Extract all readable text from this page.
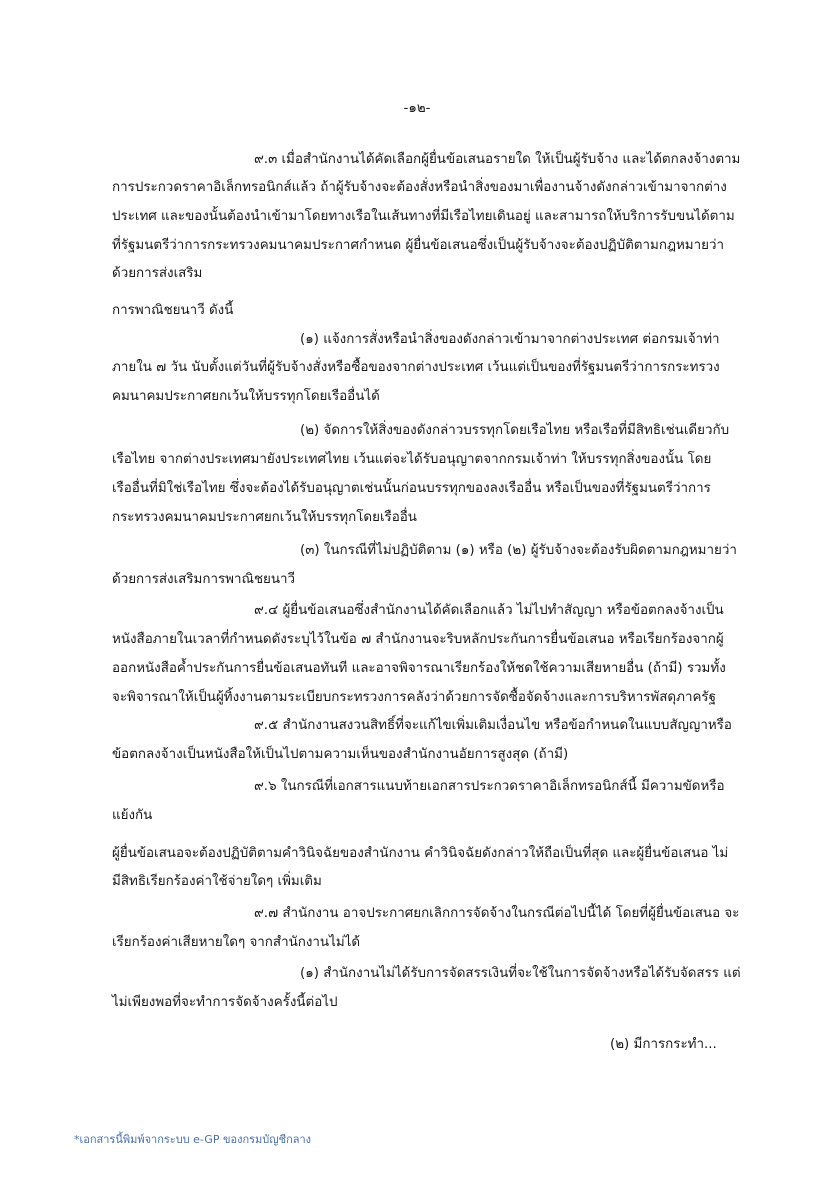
-๑๒-
๙.๓ เมื่อสำนักงานได้คัดเลือกผู้ยื่นข้อเสนอรายใด ให้เป็นผู้รับจ้าง และได้ตกลงจ้างตาม
การประกวดราคาอิเล็กทรอนิกส์แล้ว ถ้าผู้รับจ้างจะต้องสั่งหรือนำสิ่งของมาเพื่องานจ้างดังกล่าวเข้ามาจากต่าง
ประเทศ และของนั้นต้องนำเข้ามาโดยทางเรือในเส้นทางที่มีเรือไทยเดินอยู่ และสามารถให้บริการรับขนได้ตาม
ที่รัฐมนตรีว่าการกระทรวงคมนาคมประกาศกำหนด ผู้ยื่นข้อเสนอซึ่งเป็นผู้รับจ้างจะต้องปฏิบัติตามกฎหมายว่า
ด้วยการส่งเสริม
การพาณิชยนาวี ดังนี้
(๑) แจ้งการสั่งหรือนำสิ่งของดังกล่าวเข้ามาจากต่างประเทศ ต่อกรมเจ้าท่า
ภายใน ๗ วัน นับตั้งแต่วันที่ผู้รับจ้างสั่งหรือซื้อของจากต่างประเทศ เว้นแต่เป็นของที่รัฐมนตรีว่าการกระทรวง
คมนาคมประกาศยกเว้นให้บรรทุกโดยเรืออื่นได้
(๒) จัดการให้สิ่งของดังกล่าวบรรทุกโดยเรือไทย หรือเรือที่มีสิทธิเช่นเดียวกับ
เรือไทย จากต่างประเทศมายังประเทศไทย เว้นแต่จะได้รับอนุญาตจากกรมเจ้าท่า ให้บรรทุกสิ่งของนั้น โดย
เรืออื่นที่มิใช่เรือไทย ซึ่งจะต้องได้รับอนุญาตเช่นนั้นก่อนบรรทุกของลงเรืออื่น หรือเป็นของที่รัฐมนตรีว่าการ
กระทรวงคมนาคมประกาศยกเว้นให้บรรทุกโดยเรืออื่น
(๓) ในกรณีที่ไม่ปฏิบัติตาม (๑) หรือ (๒) ผู้รับจ้างจะต้องรับผิดตามกฎหมายว่า
ด้วยการส่งเสริมการพาณิชยนาวี
๙.๔ ผู้ยื่นข้อเสนอซึ่งสำนักงานได้คัดเลือกแล้ว ไม่ไปทำสัญญา หรือข้อตกลงจ้างเป็น
หนังสือภายในเวลาที่กำหนดดังระบุไว้ในข้อ ๗ สำนักงานจะริบหลักประกันการยื่นข้อเสนอ หรือเรียกร้องจากผู้
ออกหนังสือค้ำประกันการยื่นข้อเสนอทันที และอาจพิจารณาเรียกร้องให้ชดใช้ความเสียหายอื่น (ถ้ามี) รวมทั้ง
จะพิจารณาให้เป็นผู้ทิ้งงานตามระเบียบกระทรวงการคลังว่าด้วยการจัดซื้อจัดจ้างและการบริหารพัสดุภาครัฐ
๙.๕ สำนักงานสงวนสิทธิ์ที่จะแก้ไขเพิ่มเติมเงื่อนไข หรือข้อกำหนดในแบบสัญญาหรือ
ข้อตกลงจ้างเป็นหนังสือให้เป็นไปตามความเห็นของสำนักงานอัยการสูงสุด (ถ้ามี)
๙.๖ ในกรณีที่เอกสารแนบท้ายเอกสารประกวดราคาอิเล็กทรอนิกส์นี้ มีความขัดหรือ
แย้งกัน
ผู้ยื่นข้อเสนอจะต้องปฏิบัติตามคำวินิจฉัยของสำนักงาน คำวินิจฉัยดังกล่าวให้ถือเป็นที่สุด และผู้ยื่นข้อเสนอ ไม่
มีสิทธิเรียกร้องค่าใช้จ่ายใดๆ เพิ่มเติม
๙.๗ สำนักงาน อาจประกาศยกเลิกการจัดจ้างในกรณีต่อไปนี้ได้ โดยที่ผู้ยื่นข้อเสนอ จะ
เรียกร้องค่าเสียหายใดๆ จากสำนักงานไม่ได้
(๑) สำนักงานไม่ได้รับการจัดสรรเงินที่จะใช้ในการจัดจ้างหรือได้รับจัดสรร แต่
ไม่เพียงพอที่จะทำการจัดจ้างครั้งนี้ต่อไป
(๒) มีการกระทำ...
*เอกสารนี้พิมพ์จากระบบ e-GP ของกรมบัญชีกลาง
